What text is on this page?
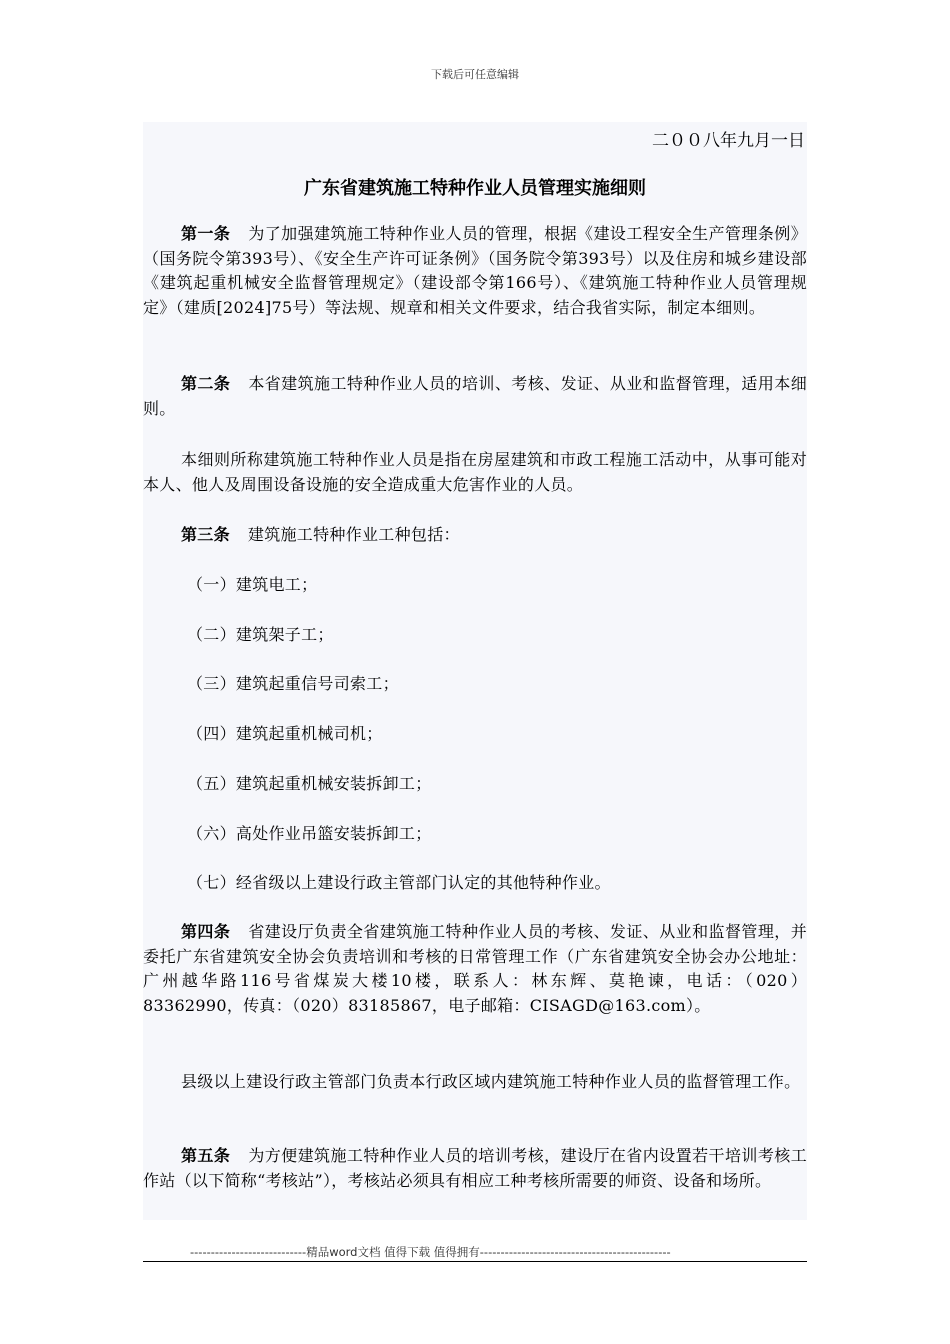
下载后可任意编辑
二００八年九月一日
广东省建筑施工特种作业人员管理实施细则

第一条 为了加强建筑施工特种作业人员的管理，根据《建设工程安全生产管理条例》（国务院令第393号）、《安全生产许可证条例》（国务院令第393号）以及住房和城乡建设部《建筑起重机械安全监督管理规定》（建设部令第166号）、《建筑施工特种作业人员管理规定》（建质[2024]75号）等法规、规章和相关文件要求，结合我省实际，制定本细则。

第二条 本省建筑施工特种作业人员的培训、考核、发证、从业和监督管理，适用本细则。

本细则所称建筑施工特种作业人员是指在房屋建筑和市政工程施工活动中，从事可能对本人、他人及周围设备设施的安全造成重大危害作业的人员。

第三条 建筑施工特种作业工种包括：

（一）建筑电工；

（二）建筑架子工；

（三）建筑起重信号司索工；

（四）建筑起重机械司机；

（五）建筑起重机械安装拆卸工；

（六）高处作业吊篮安装拆卸工；

（七）经省级以上建设行政主管部门认定的其他特种作业。

第四条 省建设厅负责全省建筑施工特种作业人员的考核、发证、从业和监督管理，并委托广东省建筑安全协会负责培训和考核的日常管理工作（广东省建筑安全协会办公地址：广州越华路116号省煤炭大楼10楼，联系人：林东辉、莫艳谏，电话：（020）83362990，传真：（020）83185867，电子邮箱：CISAGD@163.com）。

县级以上建设行政主管部门负责本行政区域内建筑施工特种作业人员的监督管理工作。

第五条 为方便建筑施工特种作业人员的培训考核，建设厅在省内设置若干培训考核工作站（以下简称“考核站”），考核站必须具有相应工种考核所需要的师资、设备和场所。

----------------------------精品word文档 值得下载 值得拥有----------------------------------------------
